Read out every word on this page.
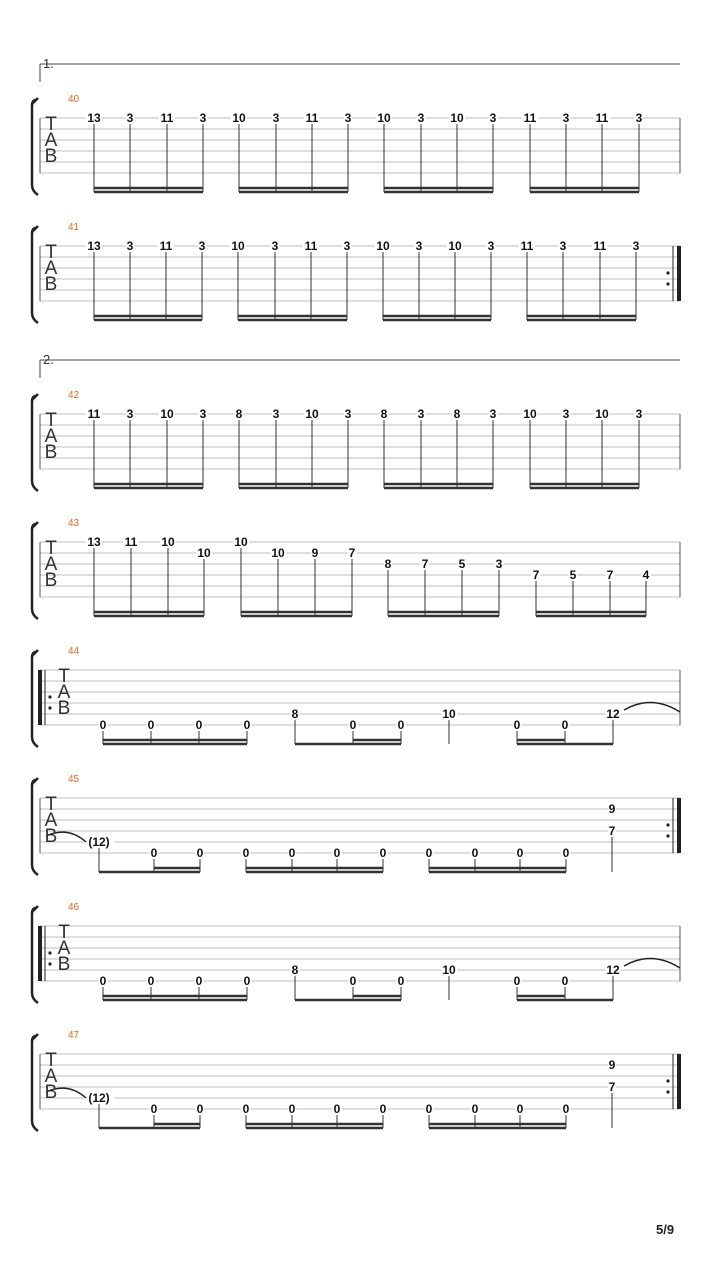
1.
2.
40
T
A
B
13 3 11 3 10 3 11 3 10 3 10 3 11 3 11 3
41
T
A
B
13 3 11 3 10 3 11 3 10 3 10 3 11 3 11 3
42
T
A
B
11 3 10 3 8	3 10 3 8	3 8 3 10 3 10 3
43
T
A
B
13 11 10
10
10
10 9	7
8	7	5	3
7	5	7 4
44
T
A
B
0	0	0	0
8
0	0
10
0	0
12
45
T
A
B	(12)
0	0	0	0	0	0	0	0	0	0
9
7
46
T
A
B
0	0	0	0
8
0	0
10
0	0
12
47
T
A
B	(12)
0	0	0	0	0	0	0	0	0	0
9
7
5/9
